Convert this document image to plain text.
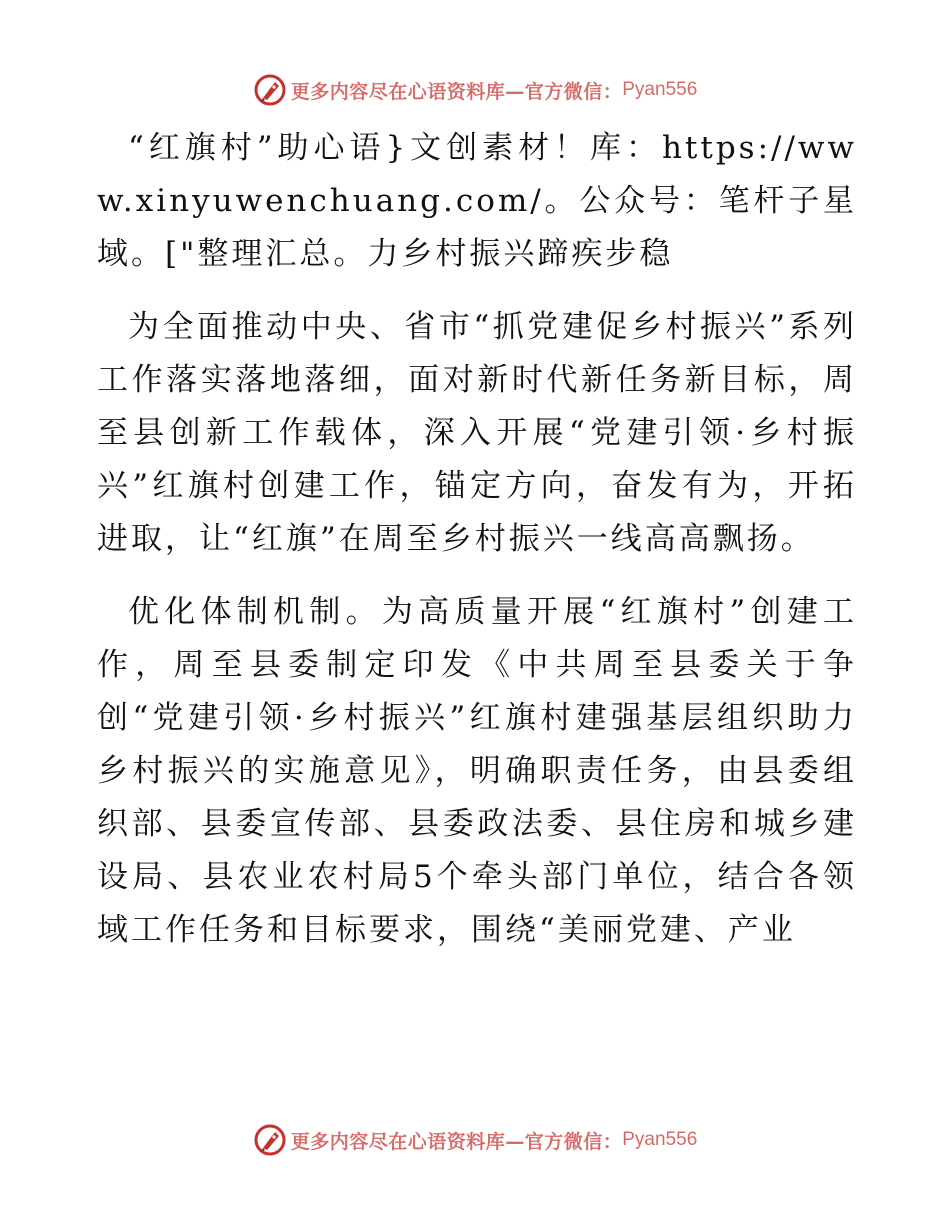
更多内容尽在心语资料库—官方微信： Pyan556

“红旗村”助心语}文创素材！库：https://www.xinyuwenchuang.com/。公众号：笔杆子星域。["整理汇总。力乡村振兴蹄疾步稳

为全面推动中央、省市“抓党建促乡村振兴”系列工作落实落地落细，面对新时代新任务新目标，周至县创新工作载体，深入开展“党建引领·乡村振兴”红旗村创建工作，锚定方向，奋发有为，开拓进取，让“红旗”在周至乡村振兴一线高高飘扬。

优化体制机制。为高质量开展“红旗村”创建工作，周至县委制定印发《中共周至县委关于争创“党建引领·乡村振兴”红旗村建强基层组织助力乡村振兴的实施意见》，明确职责任务，由县委组织部、县委宣传部、县委政法委、县住房和城乡建设局、县农业农村局5个牵头部门单位，结合各领域工作任务和目标要求，围绕“美丽党建、产业

更多内容尽在心语资料库—官方微信： Pyan556
